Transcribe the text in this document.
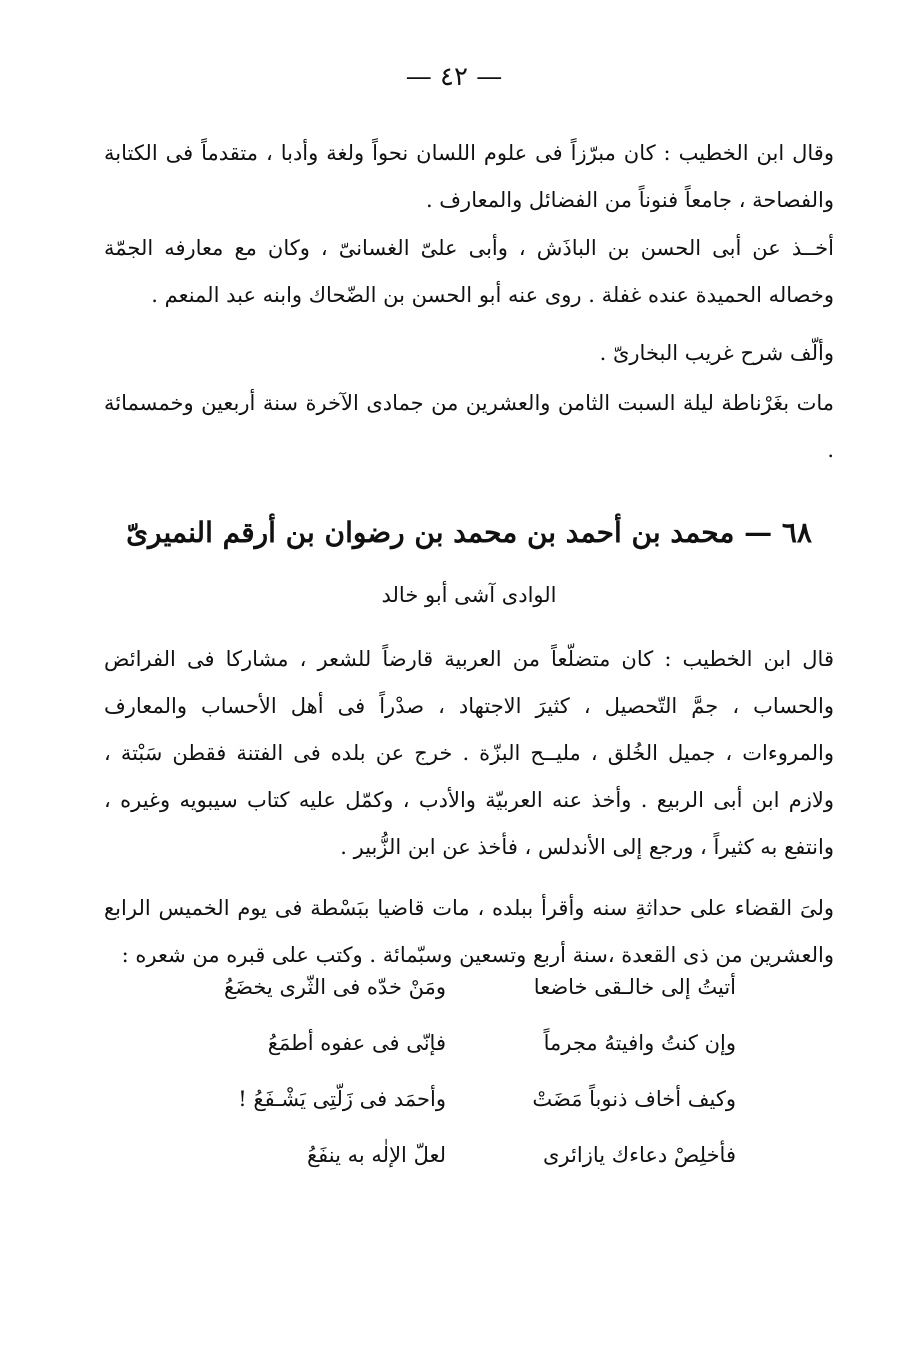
— ٤٢ —

وقال ابن الخطيب : كان مبرّزاً فى علوم اللسان نحواً ولغة وأدبا ، متقدماً فى الكتابة والفصاحة ، جامعاً فنوناً من الفضائل والمعارف .

أخــذ عن أبى الحسن بن الباذَش ، وأبى علىّ الغسانىّ ، وكان مع معارفه الجمّة وخصاله الحميدة عنده غفلة . روى عنه أبو الحسن بن الضّحاك وابنه عبد المنعم .

وألّف شرح غريب البخارىّ .

مات بغَرْناطة ليلة السبت الثامن والعشرين من جمادى الآخرة سنة أربعين وخمسمائة .

٦٨ — محمد بن أحمد بن محمد بن رضوان بن أرقم النميرىّ
الوادى آشى أبو خالد

قال ابن الخطيب : كان متضلّعاً من العربية قارضاً للشعر ، مشاركا فى الفرائض والحساب ، جمَّ التّحصيل ، كثيرَ الاجتهاد ، صدْراً فى أهل الأحساب والمعارف والمروءات ، جميل الخُلق ، مليــح البزّة . خرج عن بلده فى الفتنة فقطن سَبْتة ، ولازم ابن أبى الربيع . وأخذ عنه العربيّة والأدب ، وكمّل عليه كتاب سيبويه وغيره ، وانتفع به كثيراً ، ورجع إلى الأندلس ، فأخذ عن ابن الزُّبير .

ولىَ القضاء على حداثةِ سنه وأقرأ ببلده ، مات قاضيا ببَسْطة فى يوم الخميس الرابع والعشرين من ذى القعدة ،سنة أربع وتسعين وسبّمائة . وكتب على قبره من شعره :

أتيتُ إلى خالـقى خاضعا
ومَنْ خدّه فى الثّرى يخضَعُ
وإن كنتُ وافيتهُ مجرماً
فإنّى فى عفوه أطمَعُ
وكيف أخاف ذنوباً مَضَتْ
وأحمَد فى زَلّتِى يَشْـفَعُ !
فأخلِصْ دعاءك يازائرى
لعلّ الإلٰه به ينفَعُ
